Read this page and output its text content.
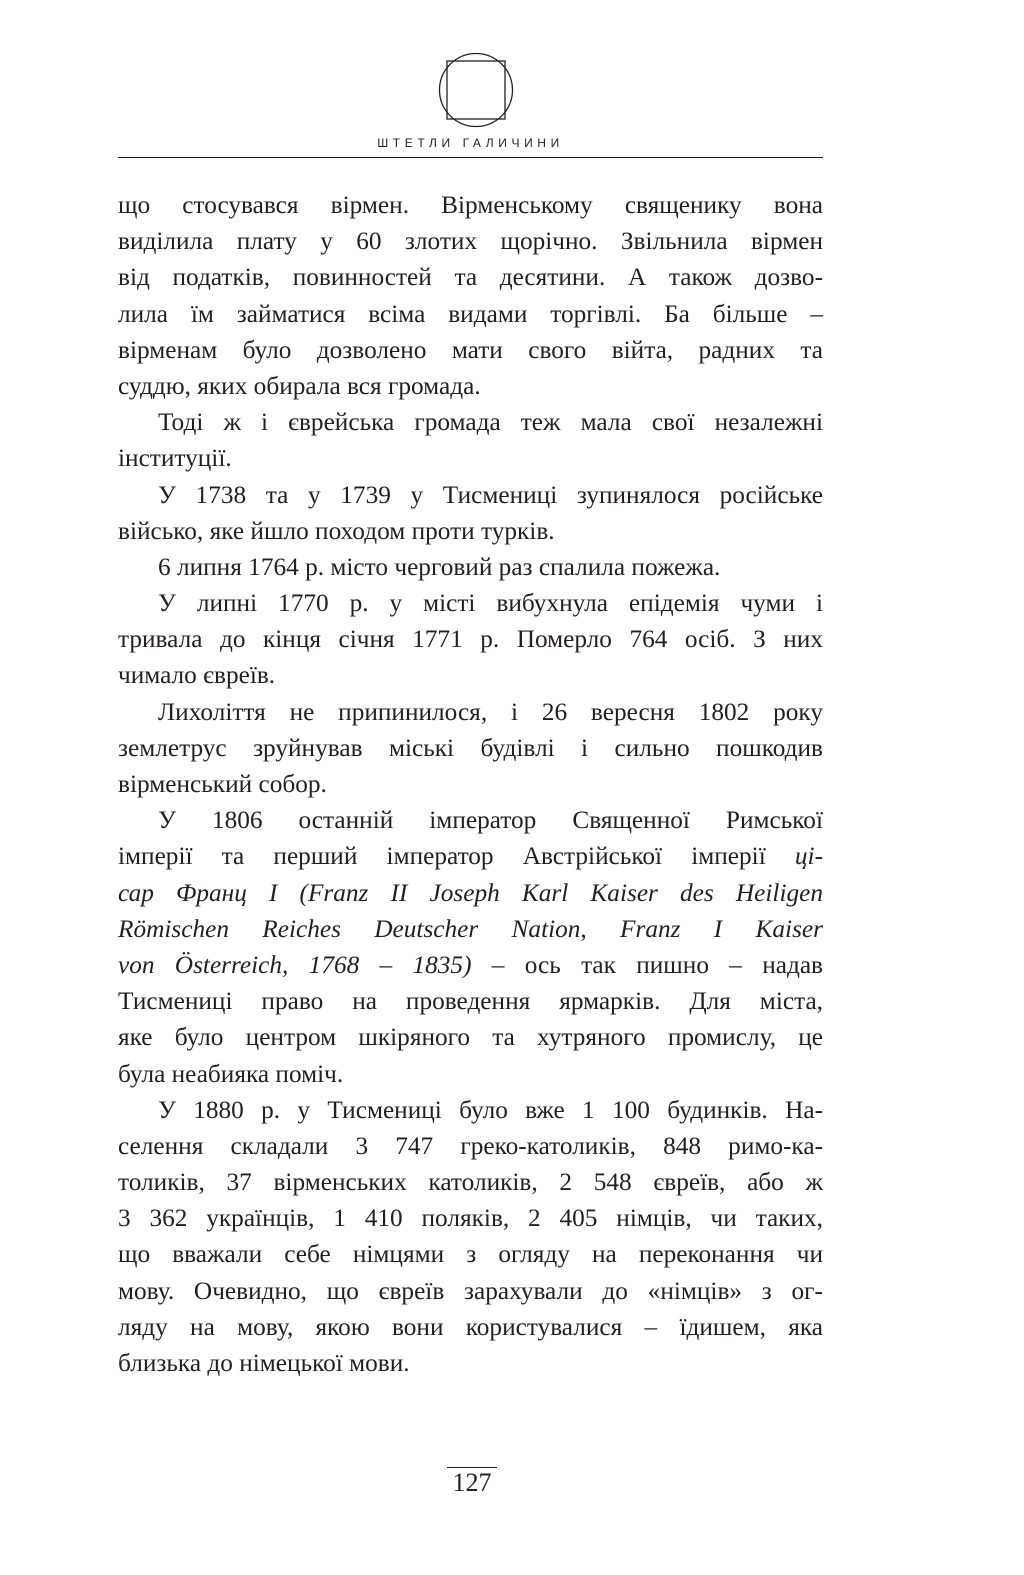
ШТЕТЛИ ГАЛИЧИНИ
що стосувався вірмен. Вірменському священику вона
виділила плату у 60 злотих щорічно. Звільнила вірмен
від податків, повинностей та десятини. А також дозво-
лила їм займатися всіма видами торгівлі. Ба більше –
вірменам було дозволено мати свого війта, радних та
суддю, яких обирала вся громада.
Тоді ж і єврейська громада теж мала свої незалежні
інституції.
У 1738 та у 1739 у Тисмениці зупинялося російське
військо, яке йшло походом проти турків.
6 липня 1764 р. місто черговий раз спалила пожежа.
У липні 1770 р. у місті вибухнула епідемія чуми і
тривала до кінця січня 1771 р. Померло 764 осіб. З них
чимало євреїв.
Лихоліття не припинилося, і 26 вересня 1802 року
землетрус зруйнував міські будівлі і сильно пошкодив
вірменський собор.
У 1806 останній імператор Священної Римської
імперії та перший імператор Австрійської імперії ці-
сар Франц I (Franz II Joseph Karl Kaiser des Heiligen
Römischen Reiches Deutscher Nation, Franz I Kaiser
von Österreich, 1768 – 1835) – ось так пишно – надав
Тисмениці право на проведення ярмарків. Для міста,
яке було центром шкіряного та хутряного промислу, це
була неабияка поміч.
У 1880 р. у Тисмениці було вже 1 100 будинків. На-
селення складали 3 747 греко-католиків, 848 римо-ка-
толиків, 37 вірменських католиків, 2 548 євреїв, або ж
3 362 українців, 1 410 поляків, 2 405 німців, чи таких,
що вважали себе німцями з огляду на переконання чи
мову. Очевидно, що євреїв зарахували до «німців» з ог-
ляду на мову, якою вони користувалися – їдишем, яка
близька до німецької мови.
127
